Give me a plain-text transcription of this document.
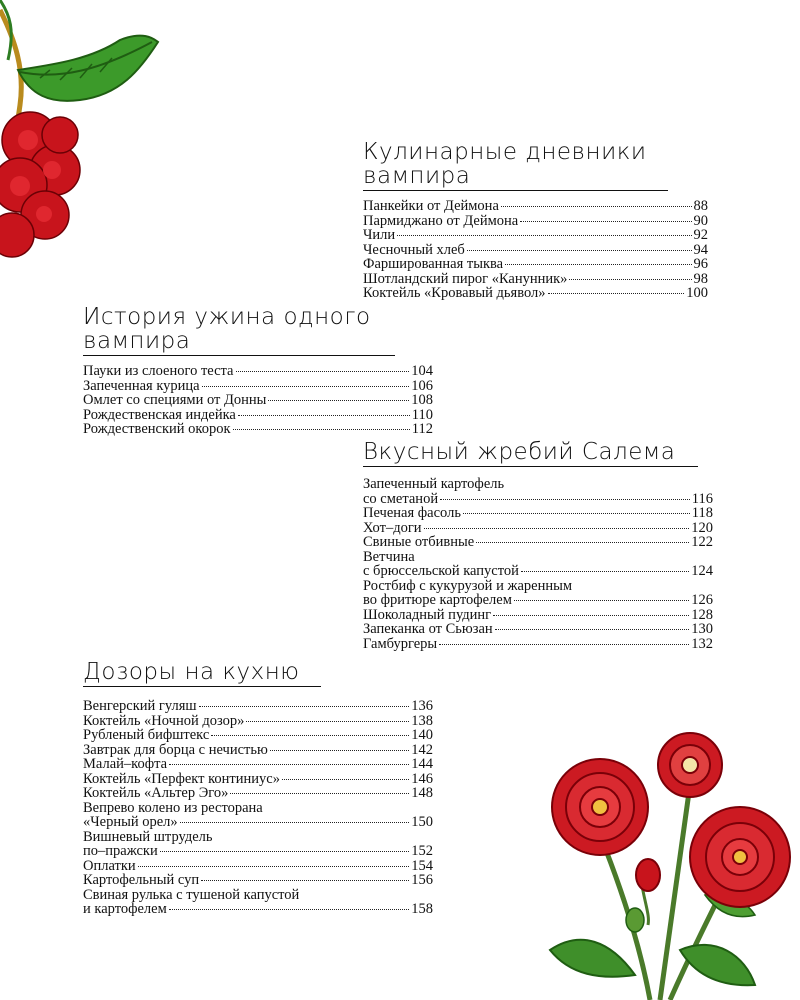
Кулинарные дневники
вампира
Панкейки от Деймона	88
Пармиджано от Деймона	90
Чили	92
Чесночный хлеб	94
Фаршированная тыква	96
Шотландский пирог «Канунник»	98
Коктейль «Кровавый дьявол»	100
История ужина одного
вампира
Пауки из слоеного теста	104
Запеченная курица	106
Омлет со специями от Донны	108
Рождественская индейка	110
Рождественский окорок	112
Вкусный жребий Салема
Запеченный картофель
со сметаной	116
Печеная фасоль	118
Хот–доги	120
Свиные отбивные	122
Ветчина
с брюссельской капустой	124
Ростбиф с кукурузой и жаренным
во фритюре картофелем	126
Шоколадный пудинг	128
Запеканка от Сьюзан	130
Гамбургеры	132
Дозоры на кухню
Венгерский гуляш	136
Коктейль «Ночной дозор»	138
Рубленый бифштекс	140
Завтрак для борца с нечистью	142
Малай–кофта	144
Коктейль «Перфект континиус»	146
Коктейль «Альтер Эго»	148
Вепрево колено из ресторана
«Черный орел»	150
Вишневый штрудель
по–пражски	152
Оплатки	154
Картофельный суп	156
Свиная рулька с тушеной капустой
и картофелем	158
